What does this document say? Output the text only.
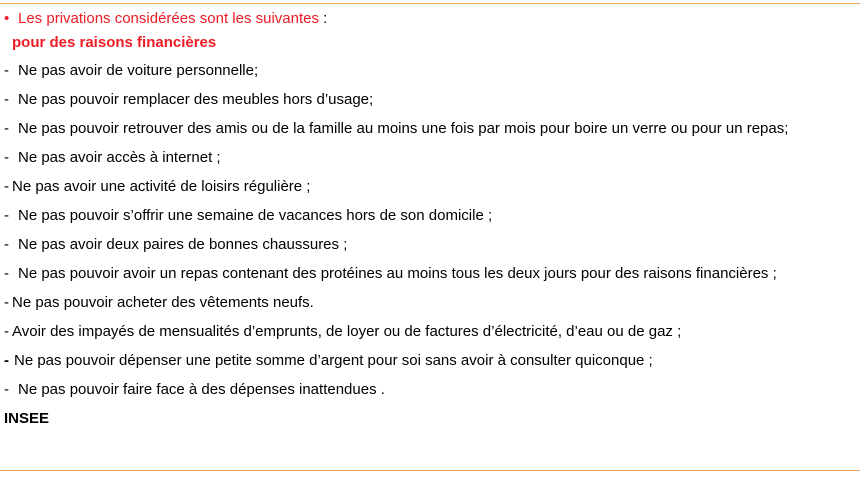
• Les privations considérées sont les suivantes :
pour des raisons financières
- Ne pas avoir de voiture personnelle;
- Ne pas pouvoir remplacer des meubles hors d’usage;
- Ne pas pouvoir retrouver des amis ou de la famille au moins une fois par mois pour boire un verre ou pour un repas;
- Ne pas avoir accès à internet ;
- Ne pas avoir une activité de loisirs régulière ;
- Ne pas pouvoir s’offrir une semaine de vacances hors de son domicile ;
- Ne pas avoir deux paires de bonnes chaussures ;
- Ne pas pouvoir avoir un repas contenant des protéines au moins tous les deux jours pour des raisons financières ;
- Ne pas pouvoir acheter des vêtements neufs.
- Avoir des impayés de mensualités d’emprunts, de loyer ou de factures d’électricité, d’eau ou de gaz ;
- Ne pas pouvoir dépenser une petite somme d’argent pour soi sans avoir à consulter quiconque ;
- Ne pas pouvoir faire face à des dépenses inattendues .
INSEE
